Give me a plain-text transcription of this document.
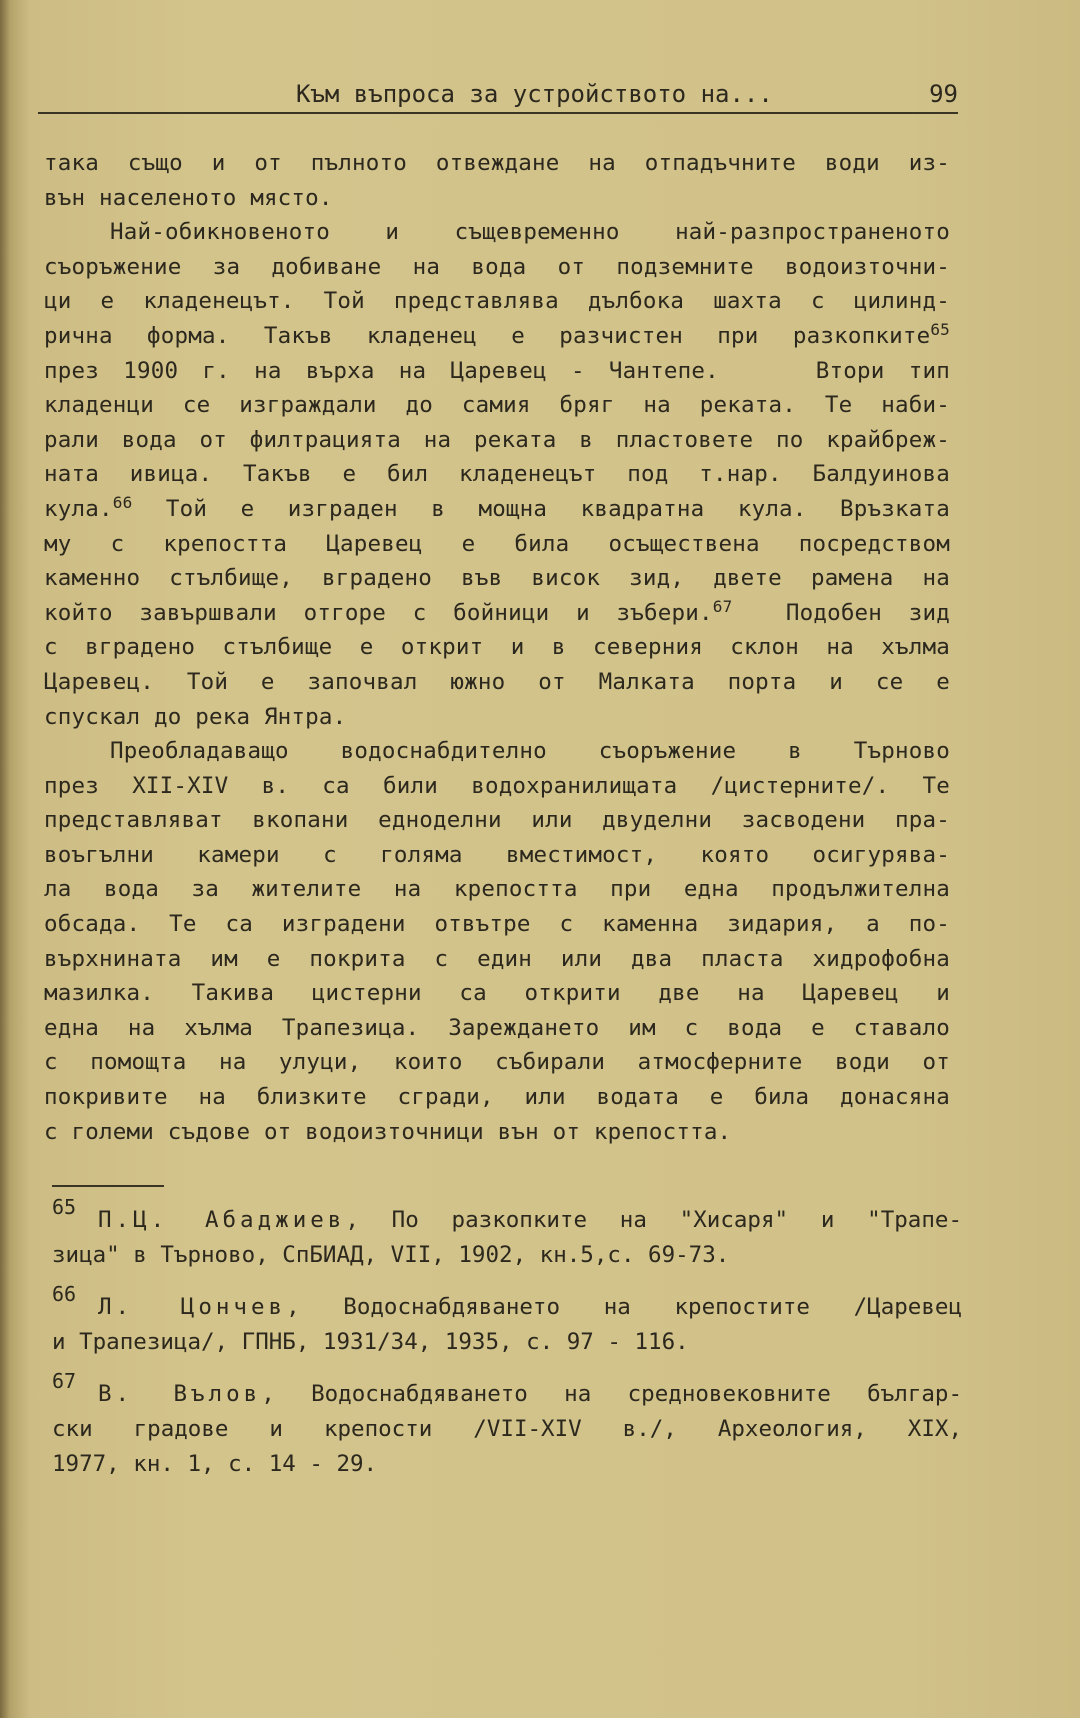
Към въпроса за устройството на...	99

така също и от пълното отвеждане на отпадъчните води из-
вън населеното място.

Най-обикновеното и същевременно най-разпространеното
съоръжение за добиване на вода от подземните водоизточни-
ци е кладенецът. Той представлява дълбока шахта с цилинд-
рична форма. Такъв кладенец е разчистен при разкопките$^{65}$
през 1900 г. на върха на Царевец - Чантепе.	Втори тип
кладенци се изграждали до самия бряг на реката. Те наби-
рали вода от филтрацията на реката в пластовете по крайбреж-
ната ивица. Такъв е бил кладенецът под т.нар. Балдуинова
кула.$^{66}$ Той е изграден в мощна квадратна кула. Връзката
му с крепостта Царевец е била осъществена посредством
каменно стълбище, вградено във висок зид, двете рамена на
който завършвали отгоре с бойници и зъбери.$^{67}$ Подобен зид
с вградено стълбище е открит и в северния склон на хълма
Царевец. Той е започвал южно от Малката порта и се е
спускал до река Янтра.

Преобладаващо водоснабдително съоръжение в Търново
през XII-XIV в. са били водохранилищата /цистерните/. Те
представляват вкопани еднoделни или двуделни засводени пра-
воъгълни камери с голяма вместимост, която осигурява-
ла вода за жителите на крепостта при една продължителна
обсада. Те са изградени отвътре с каменна зидария, а по-
върхнината им е покрита с един или два пласта хидрофобна
мазилка. Такива цистерни са открити две на Царевец и
една на хълма Трапезица. Зареждането им с вода е ставало
с помощта на улуци, които събирали атмосферните води от
покривите на близките сгради, или водата е била донасяна
с големи съдове от водоизточници вън от крепостта.

65 П.Ц. Абаджиев, По разкопките на "Хисаря" и "Трапе-
зица" в Търново, СпБИАД, VII, 1902, кн.5,с. 69-73.
66 Л. Цончев, Водоснабдяването на крепостите /Царевец
и Трапезица/, ГПНБ, 1931/34, 1935, с. 97 - 116.
67 В. Вълов, Водоснабдяването на средновековните българ-
ски градове и крепости /VII-XIV в./, Археология, XIX,
1977, кн. 1, с. 14 - 29.
